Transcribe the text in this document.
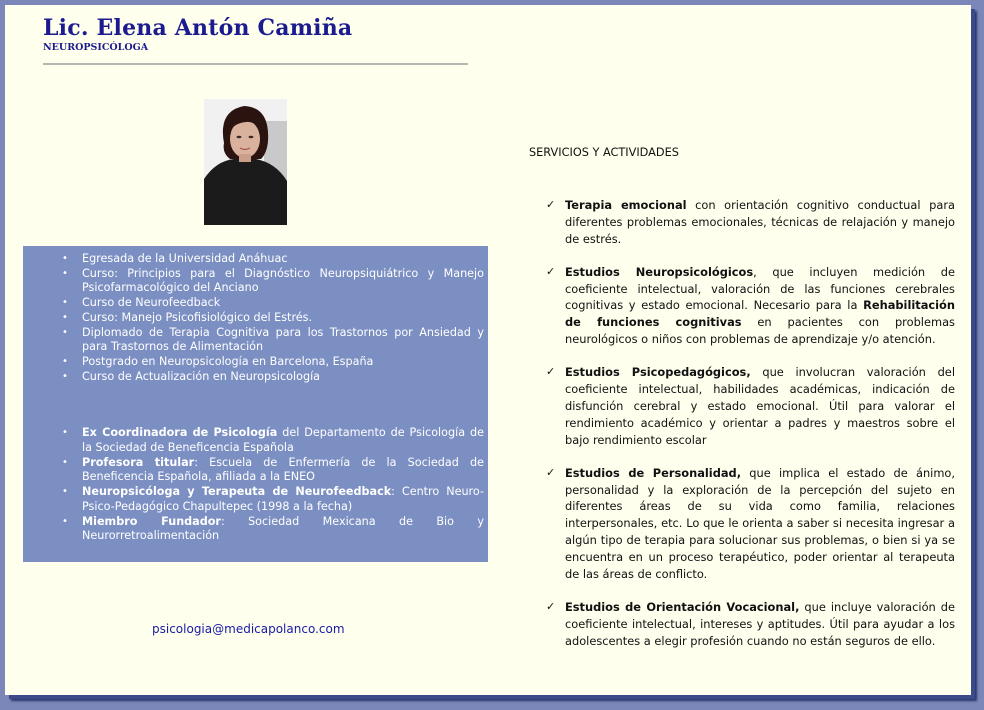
Lic. Elena Antón Camiña
NEUROPSICÓLOGA
• Egresada de la Universidad Anáhuac
• Curso: Principios para el Diagnóstico Neuropsiquiátrico y Manejo Psicofarmacológico del Anciano
• Curso de Neurofeedback
• Curso: Manejo Psicofisiológico del Estrés.
• Diplomado de Terapia Cognitiva para los Trastornos por Ansiedad y para Trastornos de Alimentación
• Postgrado en Neuropsicología en Barcelona, España
• Curso de Actualización en Neuropsicología
• Ex Coordinadora de Psicología del Departamento de Psicología de la Sociedad de Beneficencia Española
• Profesora titular: Escuela de Enfermería de la Sociedad de Beneficencia Española, afiliada a la ENEO
• Neuropsicóloga y Terapeuta de Neurofeedback: Centro Neuro-Psico-Pedagógico Chapultepec (1998 a la fecha)
• Miembro Fundador: Sociedad Mexicana de Bio y Neurorretroalimentación
psicologia@medicapolanco.com
SERVICIOS Y ACTIVIDADES
✓ Terapia emocional con orientación cognitivo conductual para diferentes problemas emocionales, técnicas de relajación y manejo de estrés.
✓ Estudios Neuropsicológicos, que incluyen medición de coeficiente intelectual, valoración de las funciones cerebrales cognitivas y estado emocional. Necesario para la Rehabilitación de funciones cognitivas en pacientes con problemas neurológicos o niños con problemas de aprendizaje y/o atención.
✓ Estudios Psicopedagógicos, que involucran valoración del coeficiente intelectual, habilidades académicas, indicación de disfunción cerebral y estado emocional. Útil para valorar el rendimiento académico y orientar a padres y maestros sobre el bajo rendimiento escolar
✓ Estudios de Personalidad, que implica el estado de ánimo, personalidad y la exploración de la percepción del sujeto en diferentes áreas de su vida como familia, relaciones interpersonales, etc. Lo que le orienta a saber si necesita ingresar a algún tipo de terapia para solucionar sus problemas, o bien si ya se encuentra en un proceso terapéutico, poder orientar al terapeuta de las áreas de conflicto.
✓ Estudios de Orientación Vocacional, que incluye valoración de coeficiente intelectual, intereses y aptitudes. Útil para ayudar a los adolescentes a elegir profesión cuando no están seguros de ello.
